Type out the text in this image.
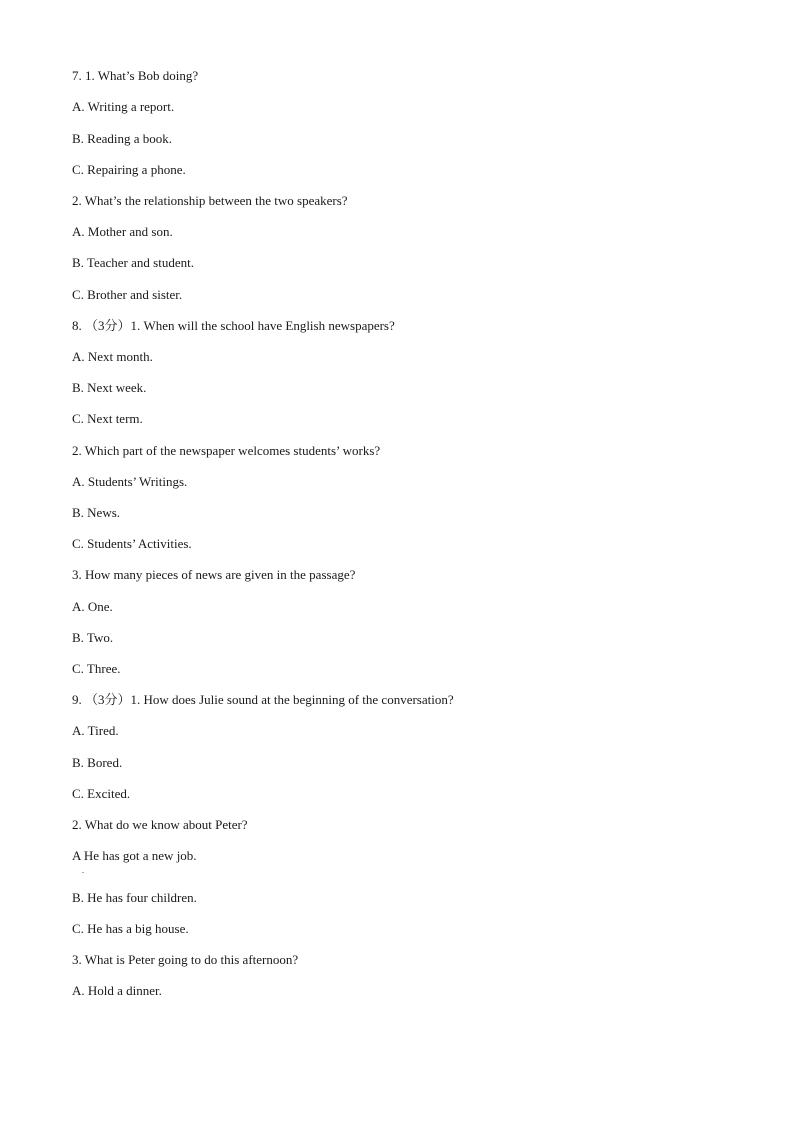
7. 1. What’s Bob doing?
A. Writing a report.
B. Reading a book.
C. Repairing a phone.
2. What’s the relationship between the two speakers?
A. Mother and son.
B. Teacher and student.
C. Brother and sister.
8. （3分）1. When will the school have English newspapers?
A. Next month.
B. Next week.
C. Next term.
2. Which part of the newspaper welcomes students’ works?
A. Students’ Writings.
B. News.
C. Students’ Activities.
3. How many pieces of news are given in the passage?
A. One.
B. Two.
C. Three.
9. （3分）1. How does Julie sound at the beginning of the conversation?
A. Tired.
B. Bored.
C. Excited.
2. What do we know about Peter?
A He has got a new job.
.
B. He has four children.
C. He has a big house.
3. What is Peter going to do this afternoon?
A. Hold a dinner.
